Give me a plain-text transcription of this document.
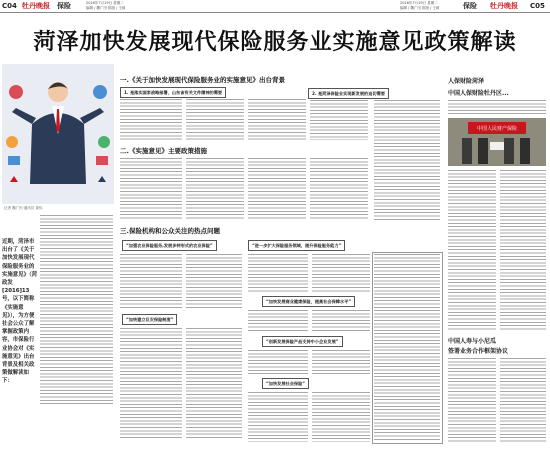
C04 牡丹晚报 保险	2016年7月19日 星期二
编辑 / 魏广田 排版 / 王硕
2016年7月19日 星期二
编辑 / 魏广田 排版 / 王硕	保险 牡丹晚报 C05
菏泽加快发展现代保险服务业实施意见政策解读
记者 魏广田 通讯员 姜伟
近期，菏泽市出台了《关于加快发展现代保险服务业的实施意见》（菏政发[2016]13号，以下简称《实施意见》），为方便社会公众了解掌握政策内容，市保险行业协会对《实施意见》出台背景及相关政策做解读如下：
一.《关于加快发展现代保险服务业的实施意见》出台背景
1. 是落实国家战略部署，山东省有关文件精神的需要	2. 是菏泽保险业实现新发展的迫切需要
二.《实施意见》主要政策措施
三.保险机构和公众关注的热点问题
“加强农业保险服务,发展多种形式的农业保险”
“加快建立巨灾保险制度”
“进一步扩大保险服务领域，提升保险服务能力”
“加快发展商业健康保险，提高社会保障水平”
“创新发展保险产品支持中小企业发展”
“加快发展社会保险”
人保财险菏泽
中国人保财险牡丹区...
中国人民财产保险
中国人寿与小尼瓜
签署业务合作框架协议
